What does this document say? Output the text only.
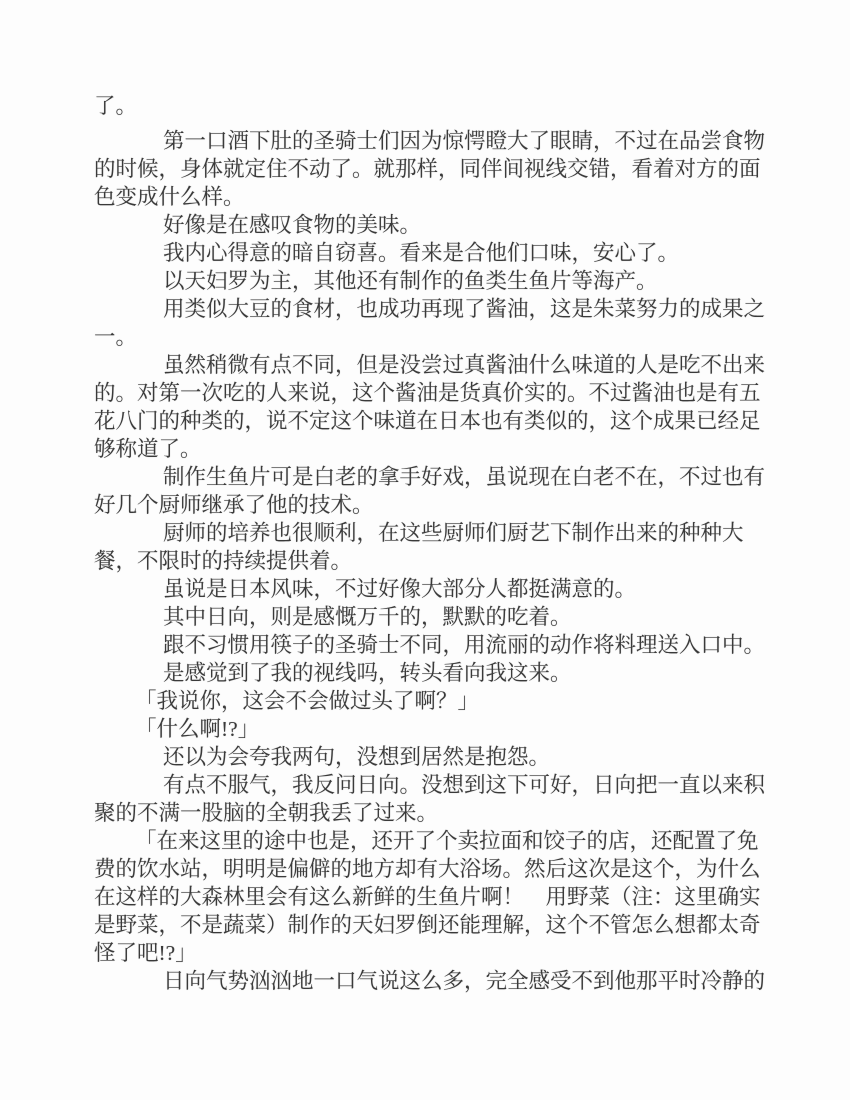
了。
第一口酒下肚的圣骑士们因为惊愕瞪大了眼睛，不过在品尝食物
的时候，身体就定住不动了。就那样，同伴间视线交错，看着对方的面
色变成什么样。
好像是在感叹食物的美味。
我内心得意的暗自窃喜。看来是合他们口味，安心了。
以天妇罗为主，其他还有制作的鱼类生鱼片等海产。
用类似大豆的食材，也成功再现了酱油，这是朱菜努力的成果之
一。
虽然稍微有点不同，但是没尝过真酱油什么味道的人是吃不出来
的。对第一次吃的人来说，这个酱油是货真价实的。不过酱油也是有五
花八门的种类的，说不定这个味道在日本也有类似的，这个成果已经足
够称道了。
制作生鱼片可是白老的拿手好戏，虽说现在白老不在，不过也有
好几个厨师继承了他的技术。
厨师的培养也很顺利，在这些厨师们厨艺下制作出来的种种大
餐，不限时的持续提供着。
虽说是日本风味，不过好像大部分人都挺满意的。
其中日向，则是感慨万千的，默默的吃着。
跟不习惯用筷子的圣骑士不同，用流丽的动作将料理送入口中。
是感觉到了我的视线吗，转头看向我这来。
「我说你，这会不会做过头了啊？」
「什么啊!?」
还以为会夸我两句，没想到居然是抱怨。
有点不服气，我反问日向。没想到这下可好，日向把一直以来积
聚的不满一股脑的全朝我丢了过来。
「在来这里的途中也是，还开了个卖拉面和饺子的店，还配置了免
费的饮水站，明明是偏僻的地方却有大浴场。然后这次是这个，为什么
在这样的大森林里会有这么新鲜的生鱼片啊！　用野菜（注：这里确实
是野菜，不是蔬菜）制作的天妇罗倒还能理解，这个不管怎么想都太奇
怪了吧!?」
日向气势汹汹地一口气说这么多，完全感受不到他那平时冷静的
